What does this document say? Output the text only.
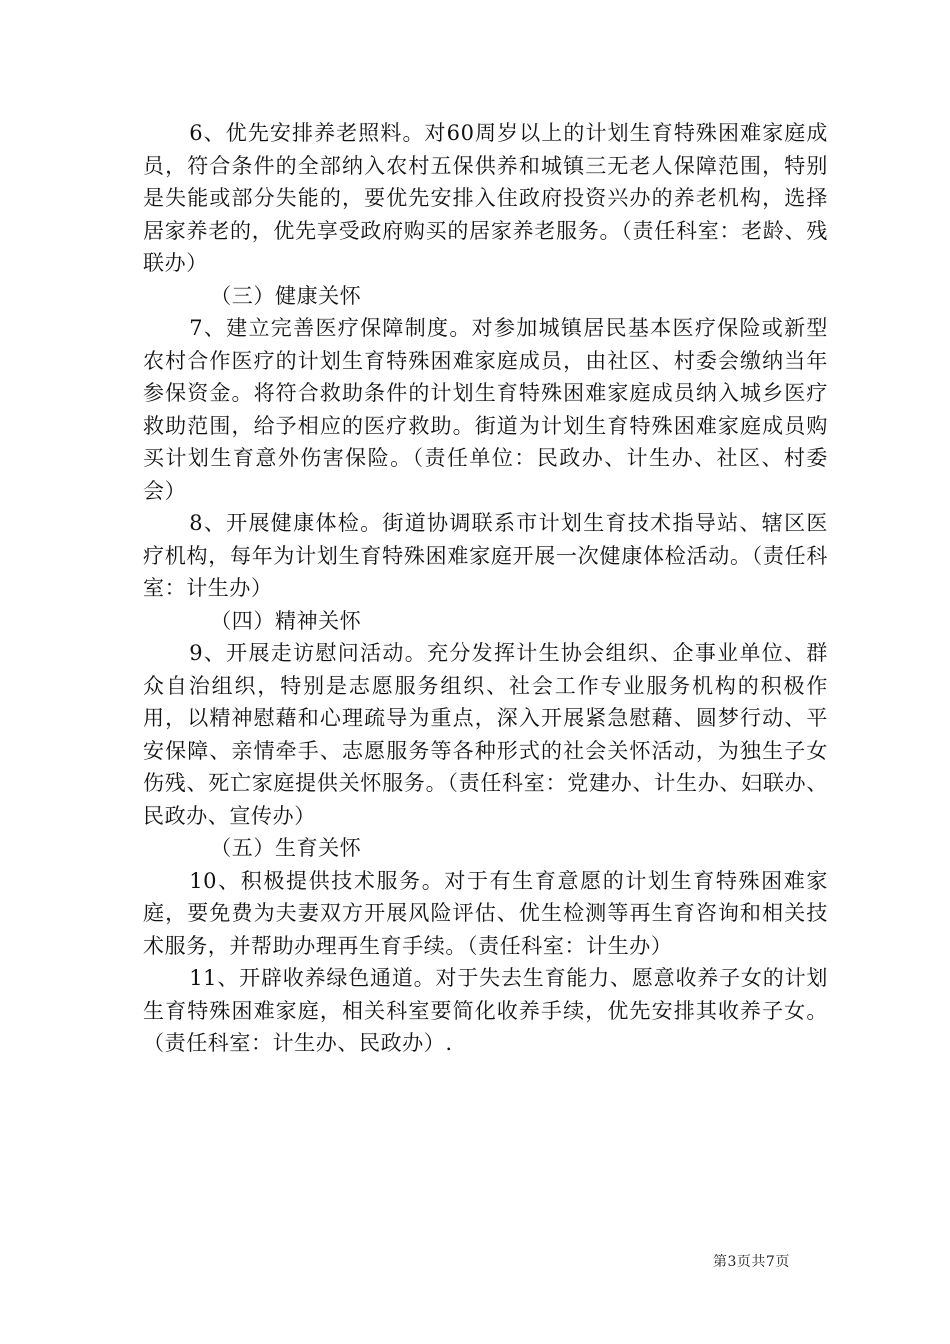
6、优先安排养老照料。对60周岁以上的计划生育特殊困难家庭成员，符合条件的全部纳入农村五保供养和城镇三无老人保障范围，特别是失能或部分失能的，要优先安排入住政府投资兴办的养老机构，选择居家养老的，优先享受政府购买的居家养老服务。（责任科室：老龄、残联办）

（三）健康关怀

7、建立完善医疗保障制度。对参加城镇居民基本医疗保险或新型农村合作医疗的计划生育特殊困难家庭成员，由社区、村委会缴纳当年参保资金。将符合救助条件的计划生育特殊困难家庭成员纳入城乡医疗救助范围，给予相应的医疗救助。街道为计划生育特殊困难家庭成员购买计划生育意外伤害保险。（责任单位：民政办、计生办、社区、村委会）

8、开展健康体检。街道协调联系市计划生育技术指导站、辖区医疗机构，每年为计划生育特殊困难家庭开展一次健康体检活动。（责任科室：计生办）

（四）精神关怀

9、开展走访慰问活动。充分发挥计生协会组织、企事业单位、群众自治组织，特别是志愿服务组织、社会工作专业服务机构的积极作用，以精神慰藉和心理疏导为重点，深入开展紧急慰藉、圆梦行动、平安保障、亲情牵手、志愿服务等各种形式的社会关怀活动，为独生子女伤残、死亡家庭提供关怀服务。（责任科室：党建办、计生办、妇联办、民政办、宣传办）

（五）生育关怀

10、积极提供技术服务。对于有生育意愿的计划生育特殊困难家庭，要免费为夫妻双方开展风险评估、优生检测等再生育咨询和相关技术服务，并帮助办理再生育手续。（责任科室：计生办）

11、开辟收养绿色通道。对于失去生育能力、愿意收养子女的计划生育特殊困难家庭，相关科室要简化收养手续，优先安排其收养子女。（责任科室：计生办、民政办）.

第3页共7页
